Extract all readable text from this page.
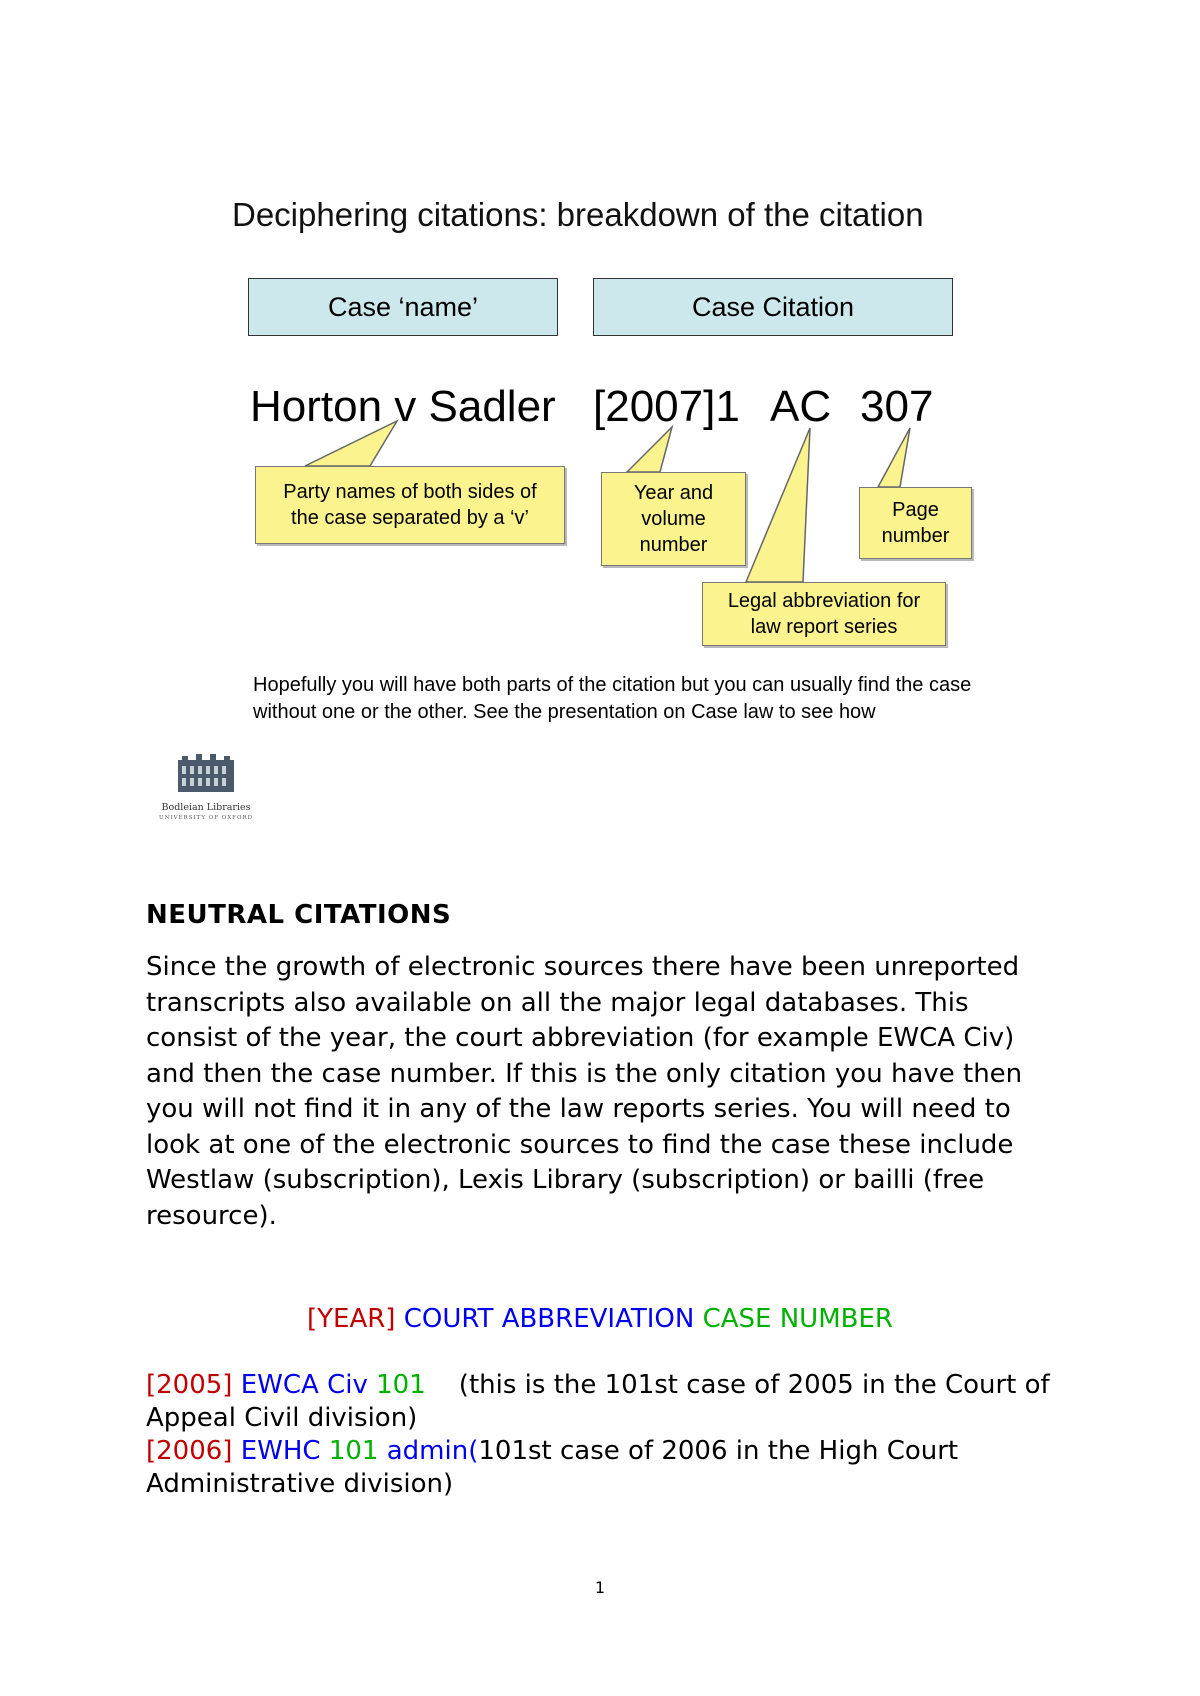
Deciphering citations: breakdown of the citation
Case ‘name’	Case Citation
Horton v Sadler [2007]1 AC 307
Party names of both sides of
the case separated by a ‘v’
Year and
volume
number
Page
number
Legal abbreviation for
law report series
Hopefully you will have both parts of the citation but you can usually find the case without one or the other. See the presentation on Case law to see how
Bodleian Libraries
UNIVERSITY OF OXFORD
NEUTRAL CITATIONS
Since the growth of electronic sources there have been unreported transcripts also available on all the major legal databases. This consist of the year, the court abbreviation (for example EWCA Civ) and then the case number. If this is the only citation you have then you will not find it in any of the law reports series. You will need to look at one of the electronic sources to find the case these include Westlaw (subscription), Lexis Library (subscription) or bailli (free resource).
[YEAR] COURT ABBREVIATION CASE NUMBER
[2005] EWCA Civ 101    (this is the 101st case of 2005 in the Court of Appeal Civil division)
[2006] EWHC 101 admin(101st case of 2006 in the High Court Administrative division)
1
